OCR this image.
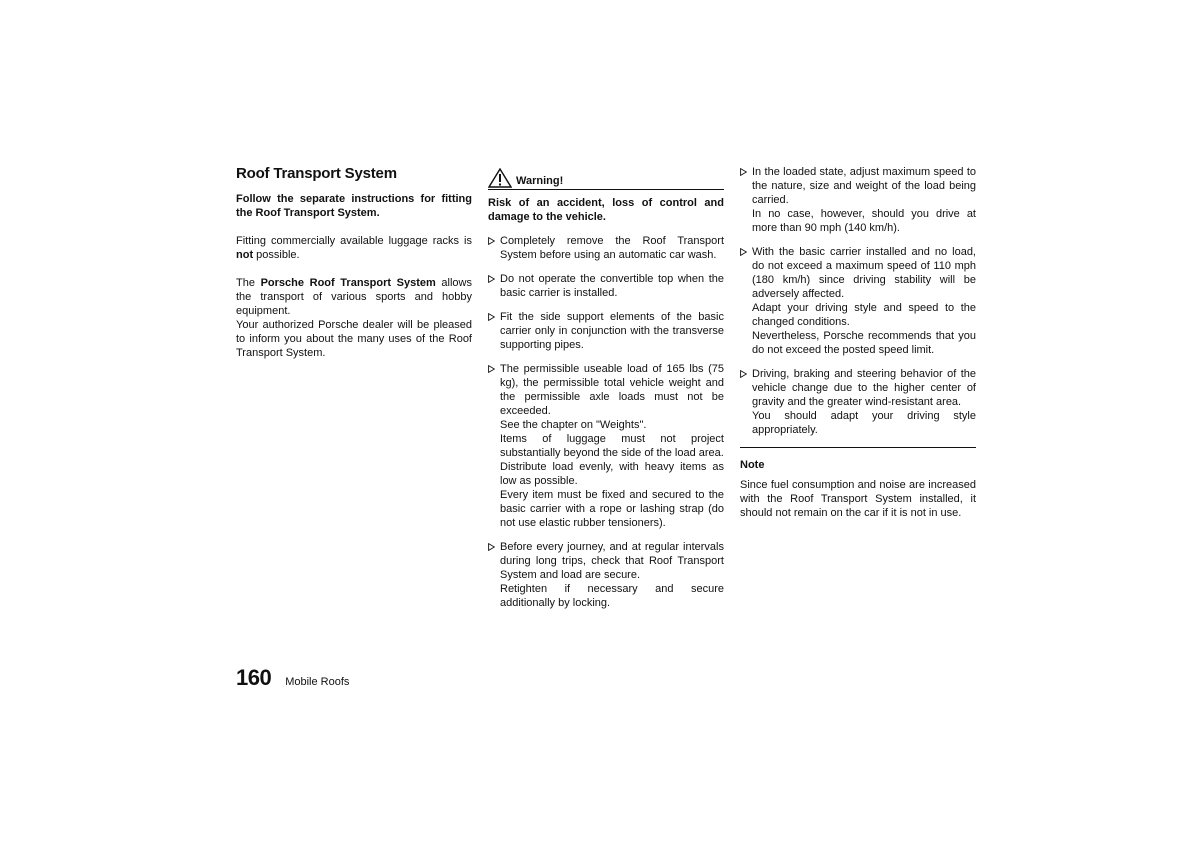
Roof Transport System

Follow the separate instructions for fitting the Roof Transport System.

Fitting commercially available luggage racks is not possible.

The Porsche Roof Transport System allows the transport of various sports and hobby equipment.

Your authorized Porsche dealer will be pleased to inform you about the many uses of the Roof Transport System.

Warning!

Risk of an accident, loss of control and damage to the vehicle.

Completely remove the Roof Transport System before using an automatic car wash.

Do not operate the convertible top when the basic carrier is installed.

Fit the side support elements of the basic carrier only in conjunction with the transverse supporting pipes.

The permissible useable load of 165 lbs (75 kg), the permissible total vehicle weight and the permissible axle loads must not be exceeded.

See the chapter on "Weights".

Items of luggage must not project substantially beyond the side of the load area.

Distribute load evenly, with heavy items as low as possible.

Every item must be fixed and secured to the basic carrier with a rope or lashing strap (do not use elastic rubber tensioners).

Before every journey, and at regular intervals during long trips, check that Roof Transport System and load are secure.

Retighten if necessary and secure additionally by locking.

In the loaded state, adjust maximum speed to the nature, size and weight of the load being carried.

In no case, however, should you drive at more than 90 mph (140 km/h).

With the basic carrier installed and no load, do not exceed a maximum speed of 110 mph (180 km/h) since driving stability will be adversely affected.

Adapt your driving style and speed to the changed conditions.

Nevertheless, Porsche recommends that you do not exceed the posted speed limit.

Driving, braking and steering behavior of the vehicle change due to the higher center of gravity and the greater wind-resistant area.

You should adapt your driving style appropriately.

Note

Since fuel consumption and noise are increased with the Roof Transport System installed, it should not remain on the car if it is not in use.

160 Mobile Roofs
